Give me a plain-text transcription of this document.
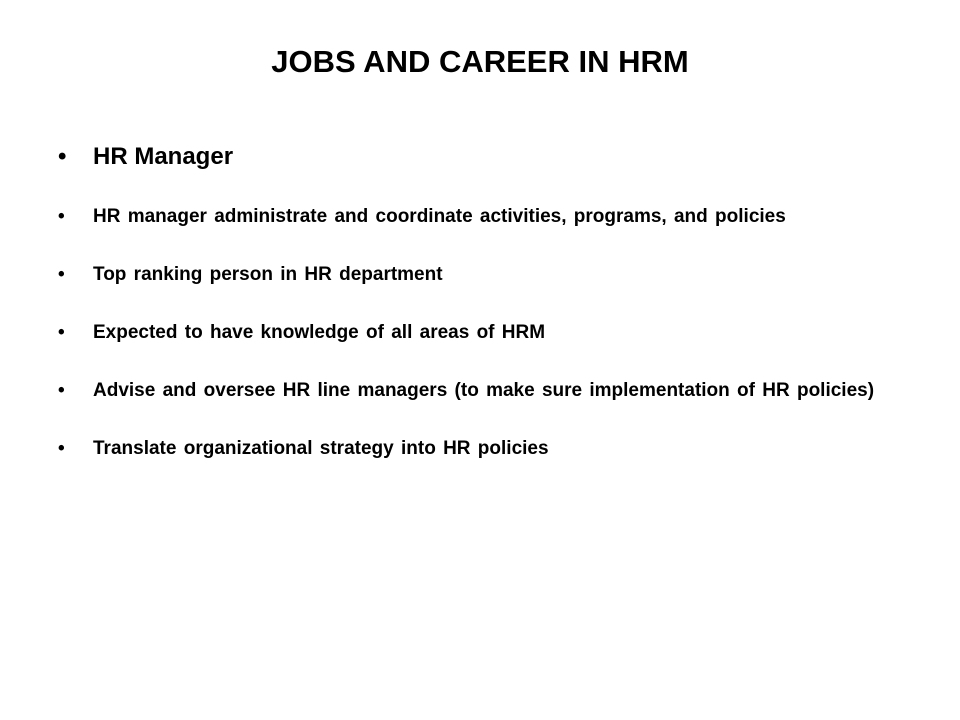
JOBS AND CAREER IN HRM
• HR Manager
• HR manager administrate and coordinate activities, programs, and policies
• Top ranking person in HR department
• Expected to have knowledge of all areas of HRM
• Advise and oversee HR line managers (to make sure implementation of HR policies)
• Translate organizational strategy into HR policies
